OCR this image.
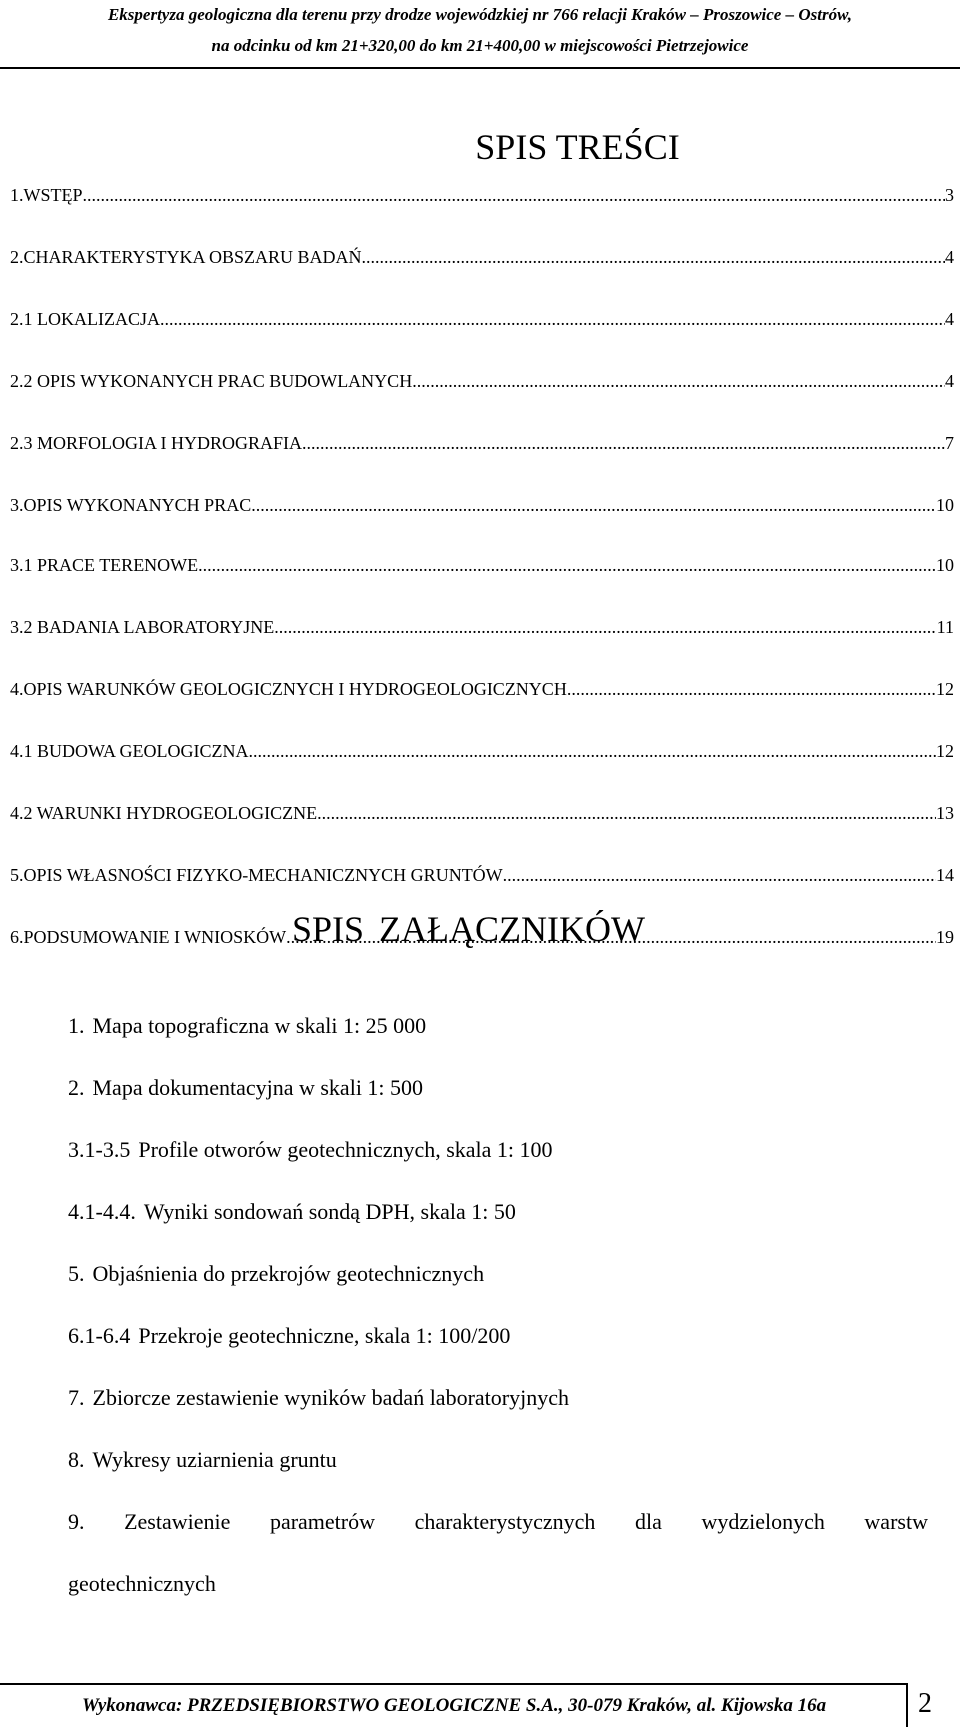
Ekspertyza geologiczna dla terenu przy drodze wojewódzkiej nr 766 relacji Kraków – Proszowice – Ostrów,
na odcinku od km 21+320,00 do km 21+400,00 w miejscowości Pietrzejowice
SPIS TREŚCI
1.WSTĘP .....	3
2.CHARAKTERYSTYKA OBSZARU BADAŃ .....	4
2.1 LOKALIZACJA .....	4
2.2 OPIS WYKONANYCH PRAC BUDOWLANYCH .....	4
2.3 MORFOLOGIA I HYDROGRAFIA .....	7
3.OPIS WYKONANYCH PRAC .....	10
3.1 PRACE TERENOWE .....	10
3.2 BADANIA LABORATORYJNE .....	11
4.OPIS WARUNKÓW GEOLOGICZNYCH I HYDROGEOLOGICZNYCH .....	12
4.1 BUDOWA GEOLOGICZNA .....	12
4.2 WARUNKI HYDROGEOLOGICZNE .....	13
5.OPIS WŁASNOŚCI FIZYKO-MECHANICZNYCH GRUNTÓW .....	14
6.PODSUMOWANIE I WNIOSKÓW .....	19
SPIS ZAŁĄCZNIKÓW
1. Mapa topograficzna w skali 1: 25 000
2. Mapa dokumentacyjna w skali 1: 500
3.1-3.5 Profile otworów geotechnicznych, skala 1: 100
4.1-4.4. Wyniki sondowań sondą DPH, skala 1: 50
5. Objaśnienia do przekrojów geotechnicznych
6.1-6.4 Przekroje geotechniczne, skala 1: 100/200
7. Zbiorcze zestawienie wyników badań laboratoryjnych
8. Wykresy uziarnienia gruntu
9. Zestawienie parametrów charakterystycznych dla wydzielonych warstw
geotechnicznych
Wykonawca: PRZEDSIĘBIORSTWO GEOLOGICZNE S.A., 30-079 Kraków, al. Kijowska 16a	2
